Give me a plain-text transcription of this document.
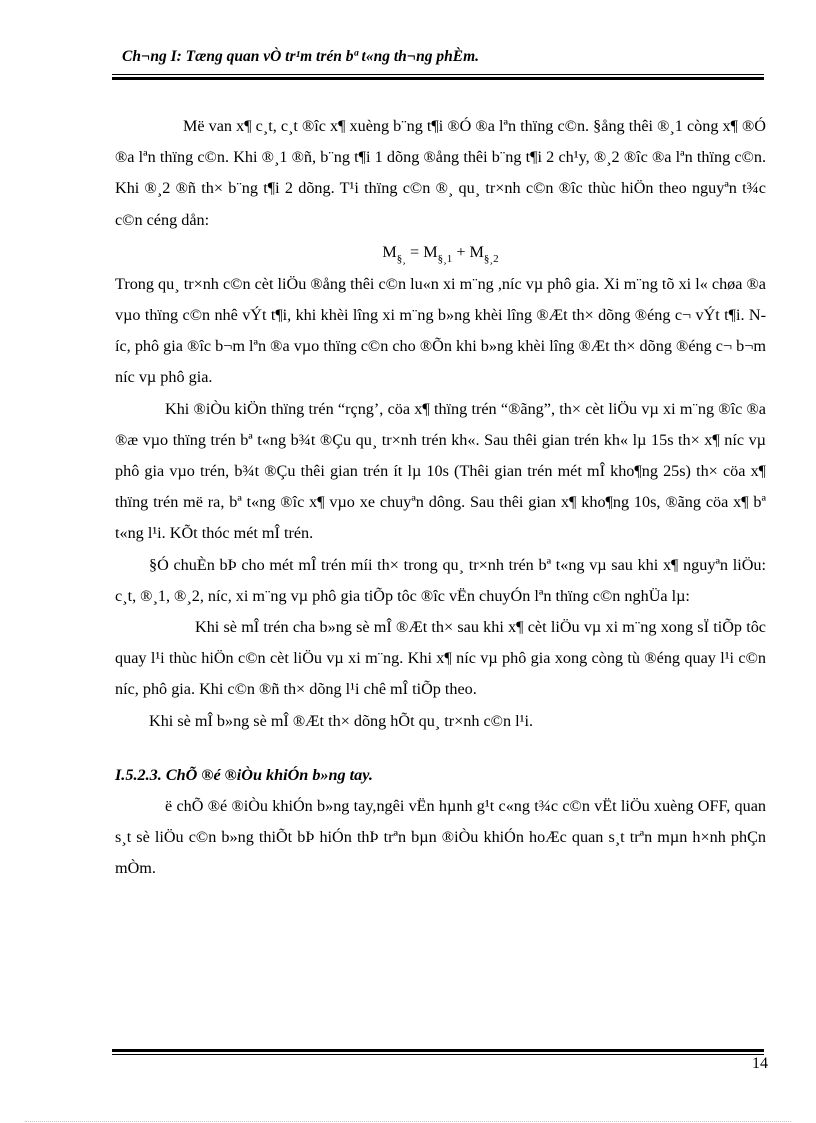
Ch¬ng I: Tæng quan vÒ tr¹m trén bª t«ng th¬ng phÈm.

Më van x¶ c¸t, c¸t ®îc x¶ xuèng b¨ng t¶i ®Ó ®a lªn thïng c©n. §ång thêi ®¸1 còng x¶ ®Ó ®a lªn thïng c©n. Khi ®¸1 ®ñ, b¨ng t¶i 1 dõng ®ång thêi b¨ng t¶i 2 ch¹y, ®¸2 ®îc ®a lªn thïng c©n. Khi ®¸2 ®ñ th× b¨ng t¶i 2 dõng. T¹i thïng c©n ®¸ qu¸ tr×nh c©n ®îc thùc hiÖn theo nguyªn t¾c c©n céng dån:

$M_{\S¸} = M_{\S¸1} + M_{\S¸2}$

Trong qu¸ tr×nh c©n cèt liÖu ®ång thêi c©n lu«n xi m¨ng ,níc vµ phô gia. Xi m¨ng tõ xi l« chøa ®a vµo thïng c©n nhê vÝt t¶i, khi khèi lîng xi m¨ng b»ng khèi lîng ®Æt th× dõng ®éng c¬ vÝt t¶i. Níc, phô gia ®îc b¬m lªn ®a vµo thïng c©n cho ®Õn khi b»ng khèi lîng ®Æt th× dõng ®éng c¬ b¬m níc vµ phô gia.

Khi ®iÒu kiÖn thïng trén “rçng’, cöa x¶ thïng trén “®ãng”, th× cèt liÖu vµ xi m¨ng ®îc ®a ®æ vµo thïng trén bª t«ng b¾t ®Çu qu¸ tr×nh trén kh«. Sau thêi gian trén kh« lµ 15s th× x¶ níc vµ phô gia vµo trén, b¾t ®Çu thêi gian trén ít lµ 10s (Thêi gian trén mét mÎ kho¶ng 25s) th× cöa x¶ thïng trén më ra, bª t«ng ®îc x¶ vµo xe chuyªn dông. Sau thêi gian x¶ kho¶ng 10s, ®ãng cöa x¶ bª t«ng l¹i. KÕt thóc mét mÎ trén.

§Ó chuÈn bÞ cho mét mÎ trén míi th× trong qu¸ tr×nh trén bª t«ng vµ sau khi x¶ nguyªn liÖu: c¸t, ®¸1, ®¸2, níc, xi m¨ng vµ phô gia tiÕp tôc ®îc vËn chuyÓn lªn thïng c©n nghÜa lµ:

Khi sè mÎ trén cha b»ng sè mÎ ®Æt th× sau khi x¶ cèt liÖu vµ xi m¨ng xong sÏ tiÕp tôc quay l¹i thùc hiÖn c©n cèt liÖu vµ xi m¨ng. Khi x¶ níc vµ phô gia xong còng tù ®éng quay l¹i c©n níc, phô gia. Khi c©n ®ñ th× dõng l¹i chê mÎ tiÕp theo.

Khi sè mÎ b»ng sè mÎ ®Æt th× dõng hÕt qu¸ tr×nh c©n l¹i.

I.5.2.3. ChÕ ®é ®iÒu khiÓn b»ng tay.

ë chÕ ®é ®iÒu khiÓn b»ng tay,ngêi vËn hµnh g¹t c«ng t¾c c©n vËt liÖu xuèng OFF, quan s¸t sè liÖu c©n b»ng thiÕt bÞ hiÓn thÞ trªn bµn ®iÒu khiÓn hoÆc quan s¸t trªn mµn h×nh phÇn mÒm.

14
